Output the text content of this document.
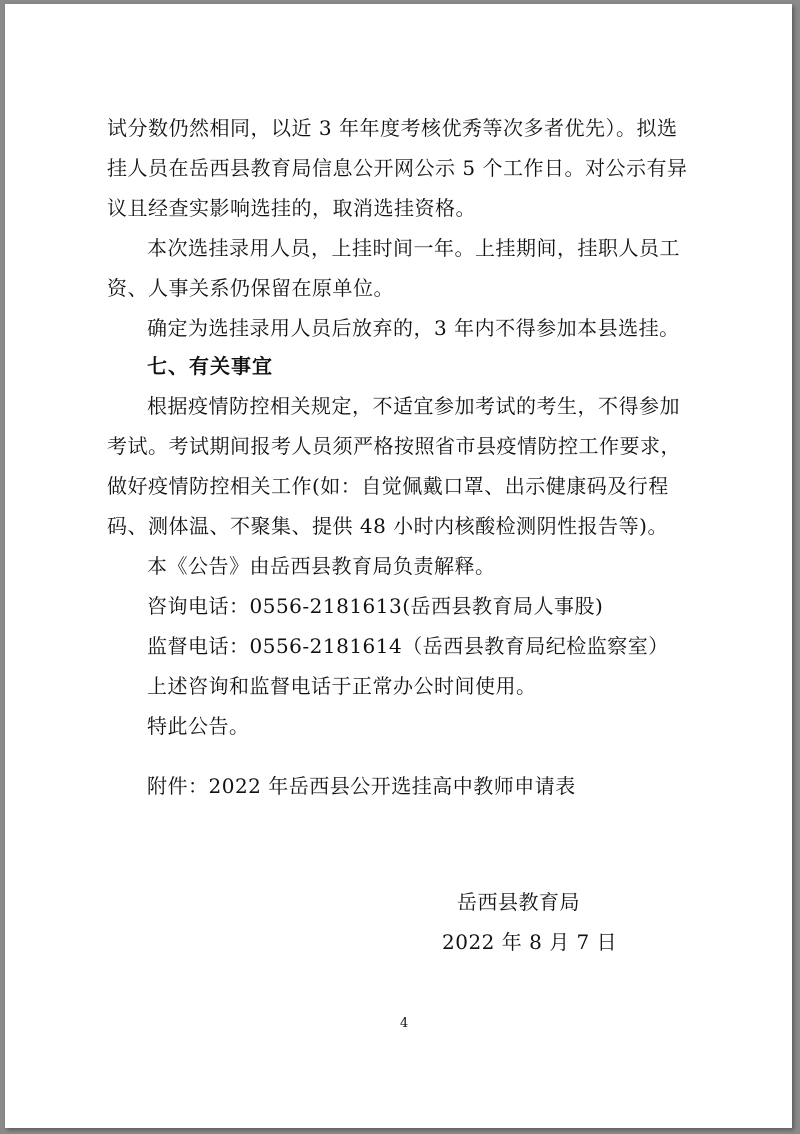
试分数仍然相同，以近 3 年年度考核优秀等次多者优先）。拟选
挂人员在岳西县教育局信息公开网公示 5 个工作日。对公示有异
议且经查实影响选挂的，取消选挂资格。
本次选挂录用人员，上挂时间一年。上挂期间，挂职人员工
资、人事关系仍保留在原单位。
确定为选挂录用人员后放弃的，3 年内不得参加本县选挂。
七、有关事宜
根据疫情防控相关规定，不适宜参加考试的考生，不得参加
考试。考试期间报考人员须严格按照省市县疫情防控工作要求，
做好疫情防控相关工作(如：自觉佩戴口罩、出示健康码及行程
码、测体温、不聚集、提供 48 小时内核酸检测阴性报告等)。
本《公告》由岳西县教育局负责解释。
咨询电话：0556-2181613(岳西县教育局人事股)
监督电话：0556-2181614（岳西县教育局纪检监察室）
上述咨询和监督电话于正常办公时间使用。
特此公告。
附件：2022 年岳西县公开选挂高中教师申请表
岳西县教育局
2022 年 8 月 7 日
4
